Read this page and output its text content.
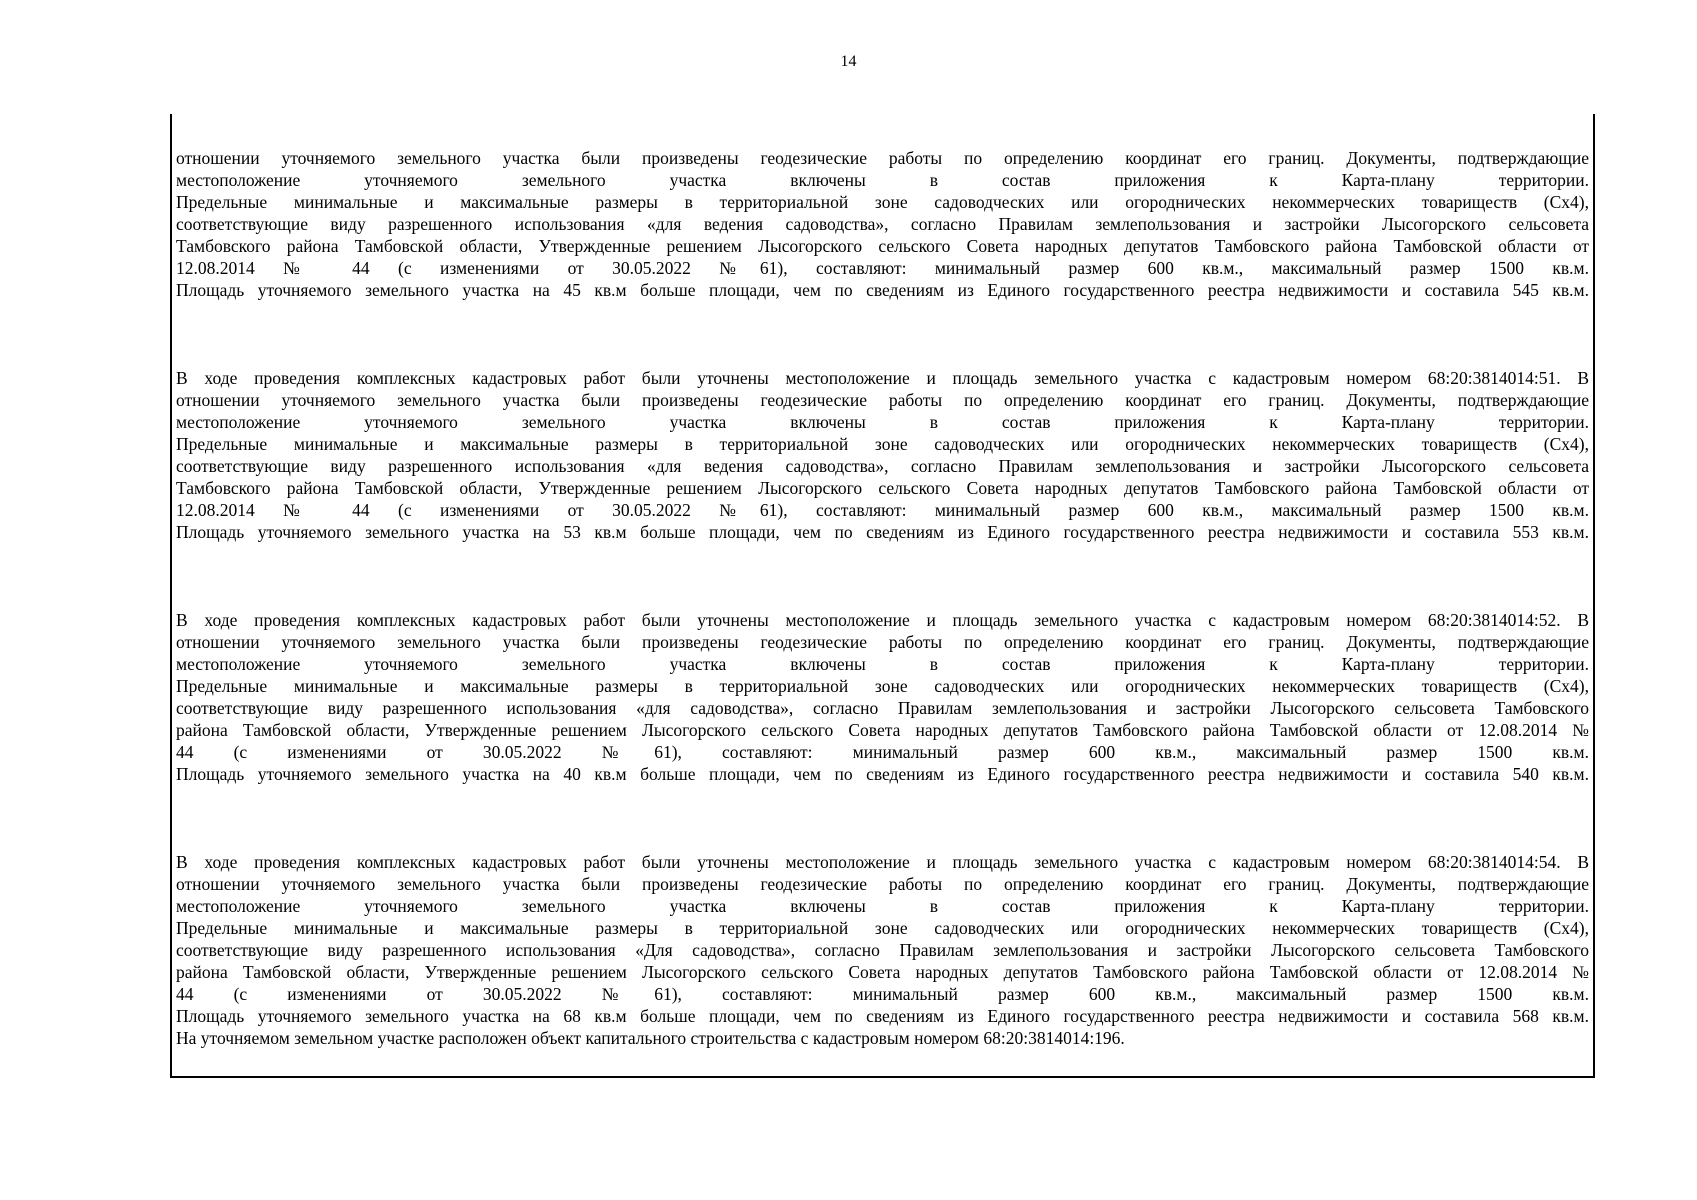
14

отношении уточняемого земельного участка были произведены геодезические работы по определению координат его границ. Документы, подтверждающие
местоположение уточняемого земельного участка включены в состав приложения к Карта-плану территории.
Предельные минимальные и максимальные размеры в территориальной зоне садоводческих или огороднических некоммерческих товариществ (Сх4),
соответствующие виду разрешенного использования «для ведения садоводства», согласно Правилам землепользования и застройки Лысогорского сельсовета
Тамбовского района Тамбовской области, Утвержденные решением Лысогорского сельского Совета народных депутатов Тамбовского района Тамбовской области от
12.08.2014 № 44 (с изменениями от 30.05.2022 №61), составляют: минимальный размер 600 кв.м., максимальный размер 1500 кв.м.
Площадь уточняемого земельного участка на 45 кв.м больше площади, чем по сведениям из Единого государственного реестра недвижимости и составила 545 кв.м.

В ходе проведения комплексных кадастровых работ были уточнены местоположение и площадь земельного участка с кадастровым номером 68:20:3814014:51. В
отношении уточняемого земельного участка были произведены геодезические работы по определению координат его границ. Документы, подтверждающие
местоположение уточняемого земельного участка включены в состав приложения к Карта-плану территории.
Предельные минимальные и максимальные размеры в территориальной зоне садоводческих или огороднических некоммерческих товариществ (Сх4),
соответствующие виду разрешенного использования «для ведения садоводства», согласно Правилам землепользования и застройки Лысогорского сельсовета
Тамбовского района Тамбовской области, Утвержденные решением Лысогорского сельского Совета народных депутатов Тамбовского района Тамбовской области от
12.08.2014 № 44 (с изменениями от 30.05.2022 №61), составляют: минимальный размер 600 кв.м., максимальный размер 1500 кв.м.
Площадь уточняемого земельного участка на 53 кв.м больше площади, чем по сведениям из Единого государственного реестра недвижимости и составила 553 кв.м.

В ходе проведения комплексных кадастровых работ были уточнены местоположение и площадь земельного участка с кадастровым номером 68:20:3814014:52. В
отношении уточняемого земельного участка были произведены геодезические работы по определению координат его границ. Документы, подтверждающие
местоположение уточняемого земельного участка включены в состав приложения к Карта-плану территории.
Предельные минимальные и максимальные размеры в территориальной зоне садоводческих или огороднических некоммерческих товариществ (Сх4),
соответствующие виду разрешенного использования «для садоводства», согласно Правилам землепользования и застройки Лысогорского сельсовета Тамбовского
района Тамбовской области, Утвержденные решением Лысогорского сельского Совета народных депутатов Тамбовского района Тамбовской области от 12.08.2014 №
44 (с изменениями от 30.05.2022 №61), составляют: минимальный размер 600 кв.м., максимальный размер 1500 кв.м.
Площадь уточняемого земельного участка на 40 кв.м больше площади, чем по сведениям из Единого государственного реестра недвижимости и составила 540 кв.м.

В ходе проведения комплексных кадастровых работ были уточнены местоположение и площадь земельного участка с кадастровым номером 68:20:3814014:54. В
отношении уточняемого земельного участка были произведены геодезические работы по определению координат его границ. Документы, подтверждающие
местоположение уточняемого земельного участка включены в состав приложения к Карта-плану территории.
Предельные минимальные и максимальные размеры в территориальной зоне садоводческих или огороднических некоммерческих товариществ (Сх4),
соответствующие виду разрешенного использования «Для садоводства», согласно Правилам землепользования и застройки Лысогорского сельсовета Тамбовского
района Тамбовской области, Утвержденные решением Лысогорского сельского Совета народных депутатов Тамбовского района Тамбовской области от 12.08.2014 №
44 (с изменениями от 30.05.2022 №61), составляют: минимальный размер 600 кв.м., максимальный размер 1500 кв.м.
Площадь уточняемого земельного участка на 68 кв.м больше площади, чем по сведениям из Единого государственного реестра недвижимости и составила 568 кв.м.
На уточняемом земельном участке расположен объект капитального строительства с кадастровым номером 68:20:3814014:196.
